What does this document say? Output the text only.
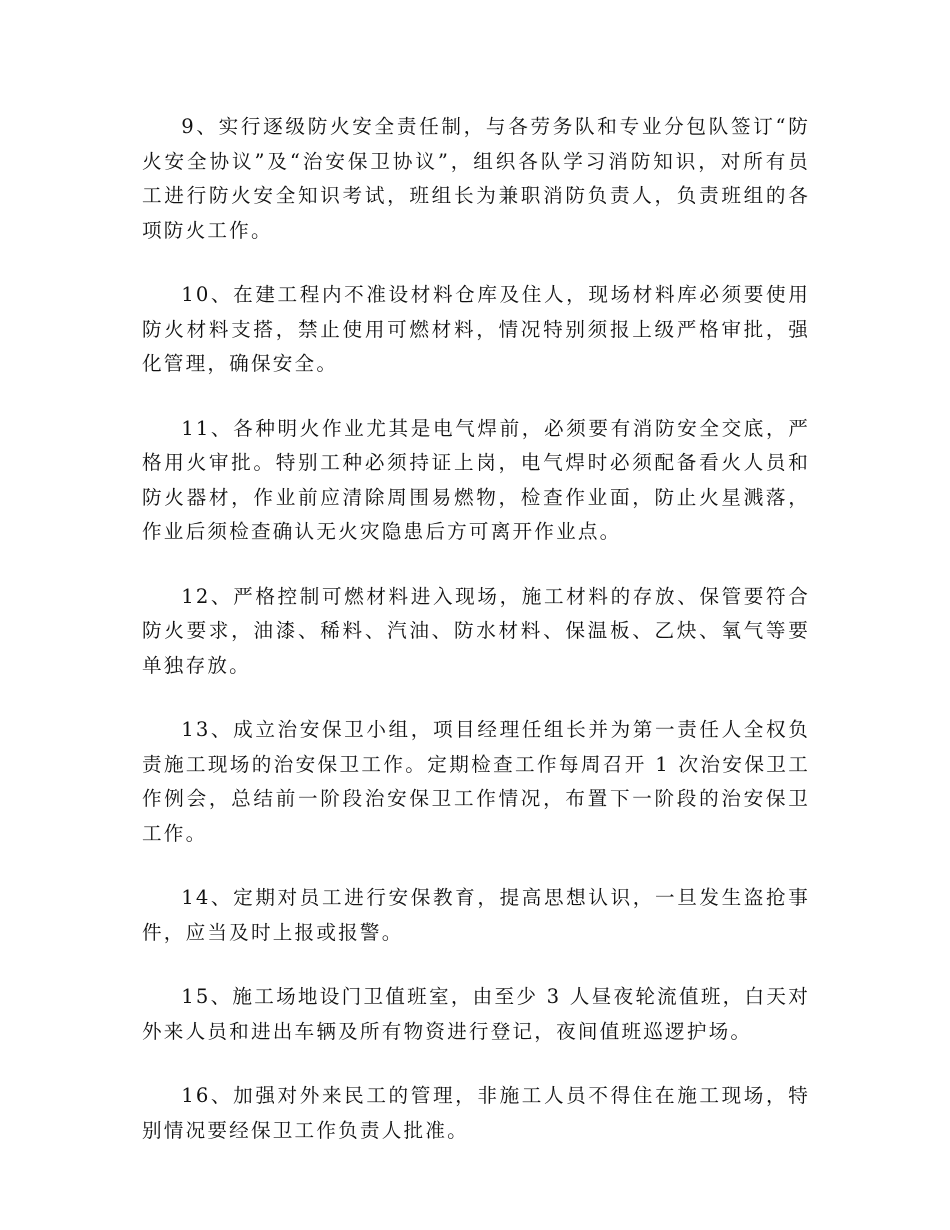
9、实行逐级防火安全责任制，与各劳务队和专业分包队签订“防火安全协议”及“治安保卫协议”，组织各队学习消防知识，对所有员工进行防火安全知识考试，班组长为兼职消防负责人，负责班组的各项防火工作。

10、在建工程内不准设材料仓库及住人，现场材料库必须要使用防火材料支搭，禁止使用可燃材料，情况特别须报上级严格审批，强化管理，确保安全。

11、各种明火作业尤其是电气焊前，必须要有消防安全交底，严格用火审批。特别工种必须持证上岗，电气焊时必须配备看火人员和防火器材，作业前应清除周围易燃物，检查作业面，防止火星溅落，作业后须检查确认无火灾隐患后方可离开作业点。

12、严格控制可燃材料进入现场，施工材料的存放、保管要符合防火要求，油漆、稀料、汽油、防水材料、保温板、乙炔、氧气等要单独存放。

13、成立治安保卫小组，项目经理任组长并为第一责任人全权负责施工现场的治安保卫工作。定期检查工作每周召开 1 次治安保卫工作例会，总结前一阶段治安保卫工作情况，布置下一阶段的治安保卫工作。

14、定期对员工进行安保教育，提高思想认识，一旦发生盗抢事件，应当及时上报或报警。

15、施工场地设门卫值班室，由至少 3 人昼夜轮流值班，白天对外来人员和进出车辆及所有物资进行登记，夜间值班巡逻护场。

16、加强对外来民工的管理，非施工人员不得住在施工现场，特别情况要经保卫工作负责人批准。
